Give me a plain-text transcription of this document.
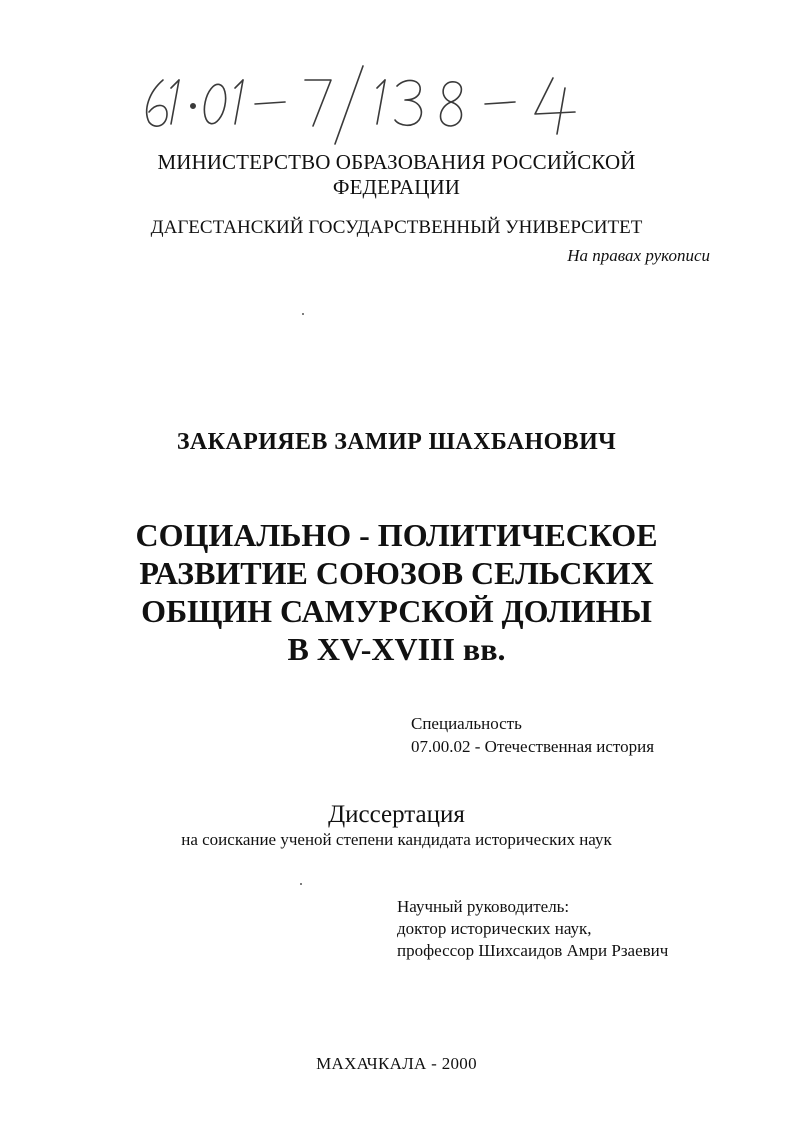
МИНИСТЕРСТВО ОБРАЗОВАНИЯ РОССИЙСКОЙ
ФЕДЕРАЦИИ
ДАГЕСТАНСКИЙ ГОСУДАРСТВЕННЫЙ УНИВЕРСИТЕТ
На правах рукописи
ЗАКАРИЯЕВ ЗАМИР ШАХБАНОВИЧ
СОЦИАЛЬНО - ПОЛИТИЧЕСКОЕ
РАЗВИТИЕ СОЮЗОВ СЕЛЬСКИХ
ОБЩИН САМУРСКОЙ ДОЛИНЫ
В XV-XVIII вв.
Специальность
07.00.02 - Отечественная история
Диссертация
на соискание ученой степени кандидата исторических наук
Научный руководитель:
доктор исторических наук,
профессор Шихсаидов Амри Рзаевич
МАХАЧКАЛА - 2000
